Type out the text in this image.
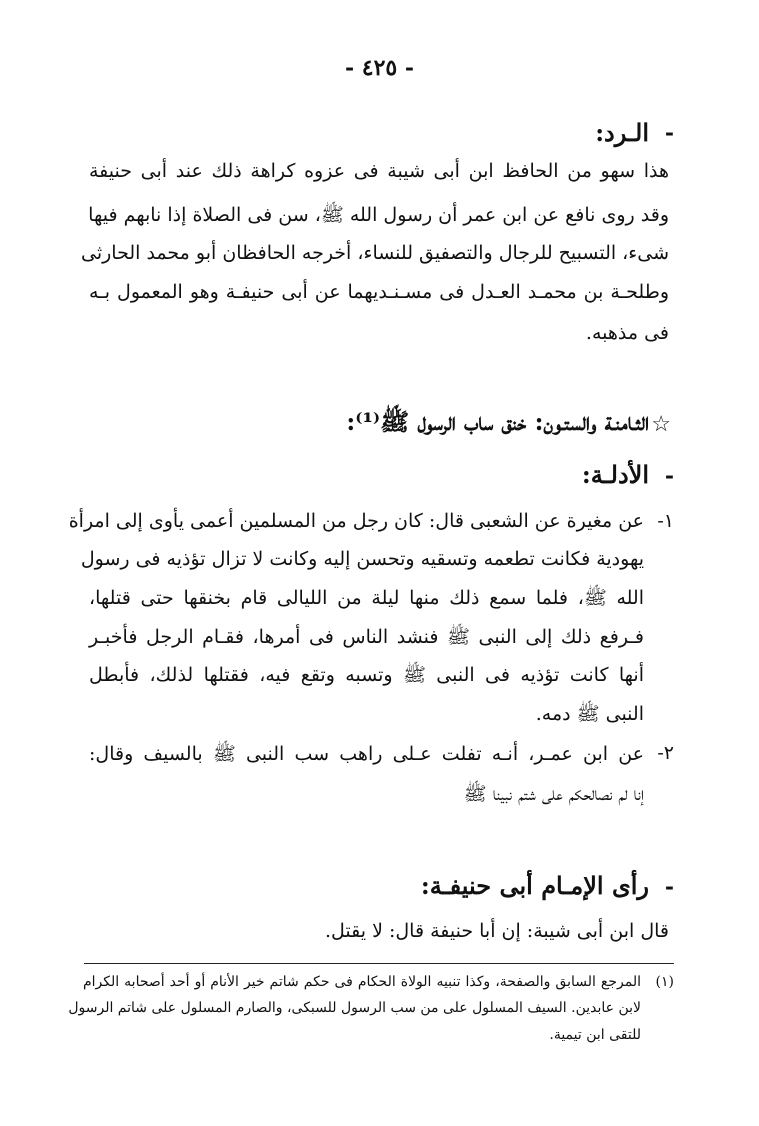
- ٤٢٥ -
-
الـرد:
هذا سهو من الحافظ ابن أبى شيبة فى عزوه كراهة ذلك عند أبى حنيفة
وقد روى نافع عن ابن عمر أن رسول الله ﷺ، سن فى الصلاة إذا نابهم فيها
شىء، التسبيح للرجال والتصفيق للنساء، أخرجه الحافظان أبو محمد الحارثى
وطلحـة بن محمـد العـدل فى مسـنـديهما عن أبى حنيفـة وهو المعمول بـه
فى مذهبه.
☆
الثـامنـة والستـون: خنق ساب الرسول ﷺ⁽¹⁾:
-
الأدلـة:
١-
عن مغيرة عن الشعبى قال: كان رجل من المسلمين أعمى يأوى إلى امرأة
يهودية فكانت تطعمه وتسقيه وتحسن إليه وكانت لا تزال تؤذيه فى رسول
الله ﷺ، فلما سمع ذلك منها ليلة من الليالى قام بخنقها حتى قتلها،
فـرفع ذلك إلى النبى ﷺ فنشد الناس فى أمرها، فقـام الرجل فأخبـر
أنها كانت تؤذيه فى النبى ﷺ وتسبه وتقع فيه، فقتلها لذلك، فأبطل
النبى ﷺ دمه.
٢-
عن ابن عمـر، أنـه تفلت عـلى راهب سب النبى ﷺ بالسيف وقال:
إنا لم نصالحكم على شتم نبينا ﷺ
-
رأى الإمـام أبى حنيفـة:
قال ابن أبى شيبة: إن أبا حنيفة قال: لا يقتل.
(١)
المرجع السابق والصفحة، وكذا تنبيه الولاة الحكام فى حكم شاتم خير الأنام أو أحد أصحابه الكرام
لابن عابدين. السيف المسلول على من سب الرسول للسبكى، والصارم المسلول على شاتم الرسول
للتقى ابن تيمية.
